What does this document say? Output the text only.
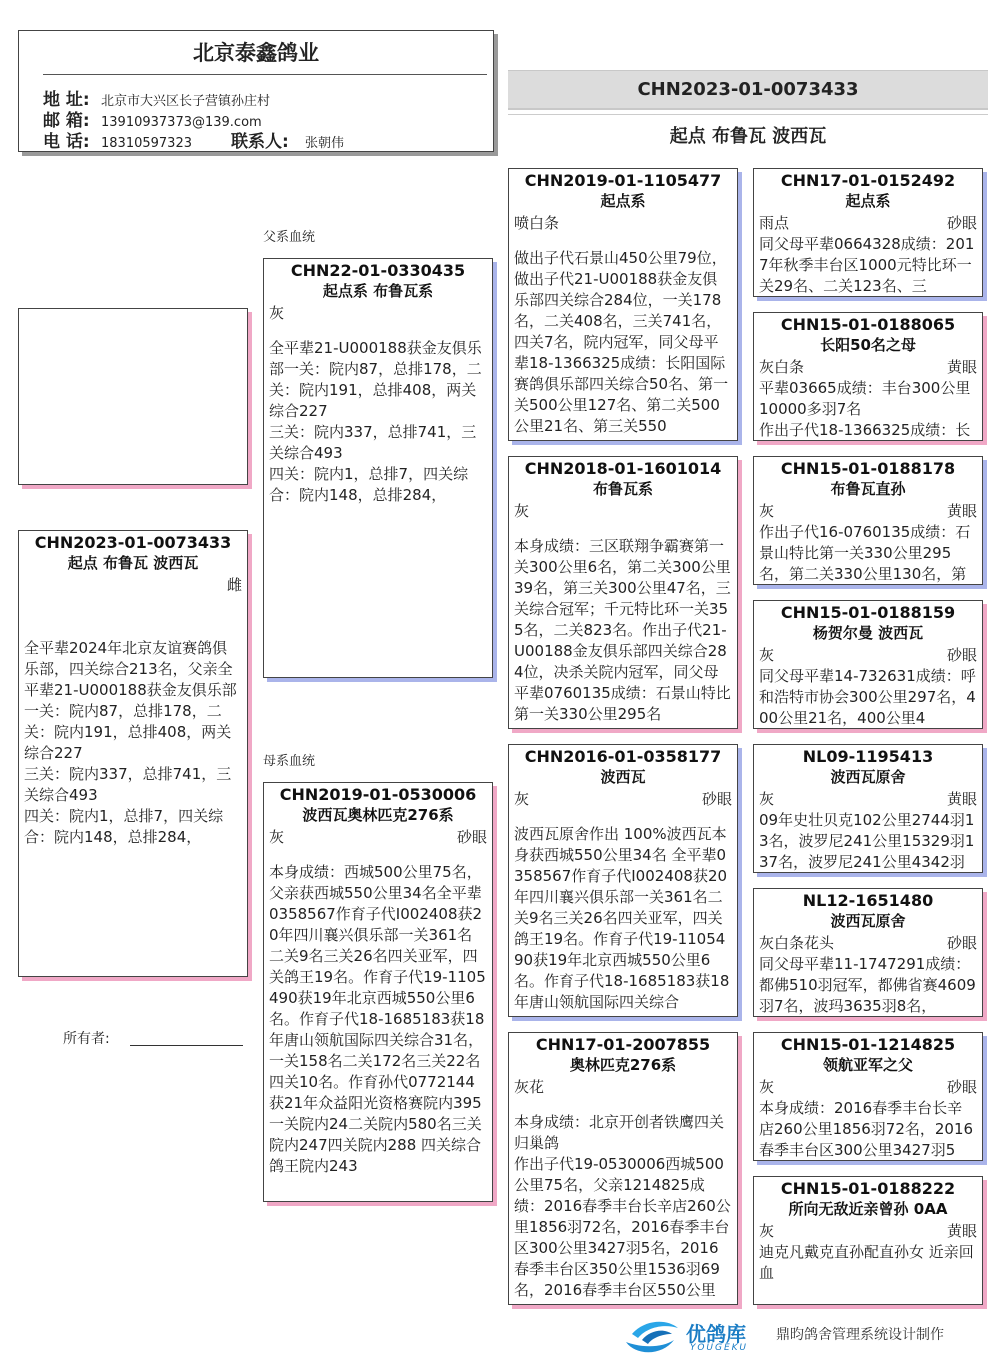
北京泰鑫鸽业
地 址: 北京市大兴区长子营镇孙庄村
邮 箱: 13910937373@139.com
电 话: 18310597323	联系人:	张朝伟
CHN2023-01-0073433
起点 布鲁瓦 波西瓦
CHN2023-01-0073433
起点 布鲁瓦 波西瓦
雌
全平辈2024年北京友谊赛鸽俱乐部，四关综合213名，父亲全平辈21-U000188获金友俱乐部一关：院内87，总排178，二关：院内191，总排408，两关综合227
三关：院内337，总排741，三关综合493
四关：院内1，总排7，四关综合：院内148，总排284，
所有者:
父系血统
母系血统
CHN22-01-0330435
起点系 布鲁瓦系
灰
全平辈21-U000188获金友俱乐部一关：院内87，总排178，二关：院内191，总排408，两关综合227
三关：院内337，总排741，三关综合493
四关：院内1，总排7，四关综合：院内148，总排284，
CHN2019-01-0530006
波西瓦奥林匹克276系
灰	砂眼
本身成绩：西城500公里75名，父亲获西城550公里34名全平辈0358567作育子代I002408获20年四川襄兴俱乐部一关361名二关9名三关26名四关亚军，四关鸽王19名。作育子代19-1105490获19年北京西城550公里6名。作育子代18-1685183获18年唐山领航国际四关综合31名，一关158名二关172名三关22名四关10名。作育孙代0772144获21年众益阳光资格赛院内395 一关院内24二关院内580名三关院内247四关院内288 四关综合鸽王院内243
CHN2019-01-1105477
起点系
喷白条
做出子代石景山450公里79位，做出子代21-U00188获金友俱乐部四关综合284位，一关178名，二关408名，三关741名，四关7名，院内冠军，同父母平辈18-1366325成绩：长阳国际赛鸽俱乐部四关综合50名、第一关500公里127名、第二关500公里21名、第三关550
CHN2018-01-1601014
布鲁瓦系
灰
本身成绩：三区联翔争霸赛第一关300公里6名，第二关300公里39名，第三关300公里47名，三关综合冠军；千元特比环一关355名，二关823名。作出子代21-U00188金友俱乐部四关综合284位，决杀关院内冠军，同父母平辈0760135成绩：石景山特比第一关330公里295名
CHN2016-01-0358177
波西瓦
灰	砂眼
波西瓦原舍作出 100%波西瓦本身获西城550公里34名 全平辈0358567作育子代I002408获20年四川襄兴俱乐部一关361名二关9名三关26名四关亚军，四关鸽王19名。作育子代19-1105490获19年北京西城550公里6名。作育子代18-1685183获18年唐山领航国际四关综合
CHN17-01-2007855
奥林匹克276系
灰花
本身成绩：北京开创者铁鹰四关归巢鸽
作出子代19-0530006西城500公里75名，父亲1214825成绩：2016春季丰台长辛店260公里1856羽72名，2016春季丰台区300公里3427羽5名，2016春季丰台区350公里1536羽69名，2016春季丰台区550公里
CHN17-01-0152492
起点系
雨点	砂眼
同父母平辈0664328成绩：2017年秋季丰台区1000元特比环一关29名、二关123名、三
CHN15-01-0188065
长阳50名之母
灰白条	黄眼
平辈03665成绩：丰台300公里10000多羽7名
作出子代18-1366325成绩：长
CHN15-01-0188178
布鲁瓦直孙
灰	黄眼
作出子代16-0760135成绩：石景山特比第一关330公里295名，第二关330公里130名，第
CHN15-01-0188159
杨贺尔曼 波西瓦
灰	砂眼
同父母平辈14-732631成绩：呼和浩特市协会300公里297名，400公里21名，400公里4
NL09-1195413
波西瓦原舍
灰	黄眼
09年史壮贝克102公里2744羽13名，波罗尼241公里15329羽137名，波罗尼241公里4342羽
NL12-1651480
波西瓦原舍
灰白条花头	砂眼
同父母平辈11-1747291成绩：都佛510羽冠军，都佛省赛4609羽7名，波玛3635羽8名，
CHN15-01-1214825
领航亚军之父
灰	砂眼
本身成绩：2016春季丰台长辛店260公里1856羽72名，2016春季丰台区300公里3427羽5
CHN15-01-0188222
所向无敌近亲曾孙 0AA
灰	黄眼
迪克凡戴克直孙配直孙女 近亲回血
优鸽库
YOUGEKU
鼎昀鸽舍管理系统设计制作
